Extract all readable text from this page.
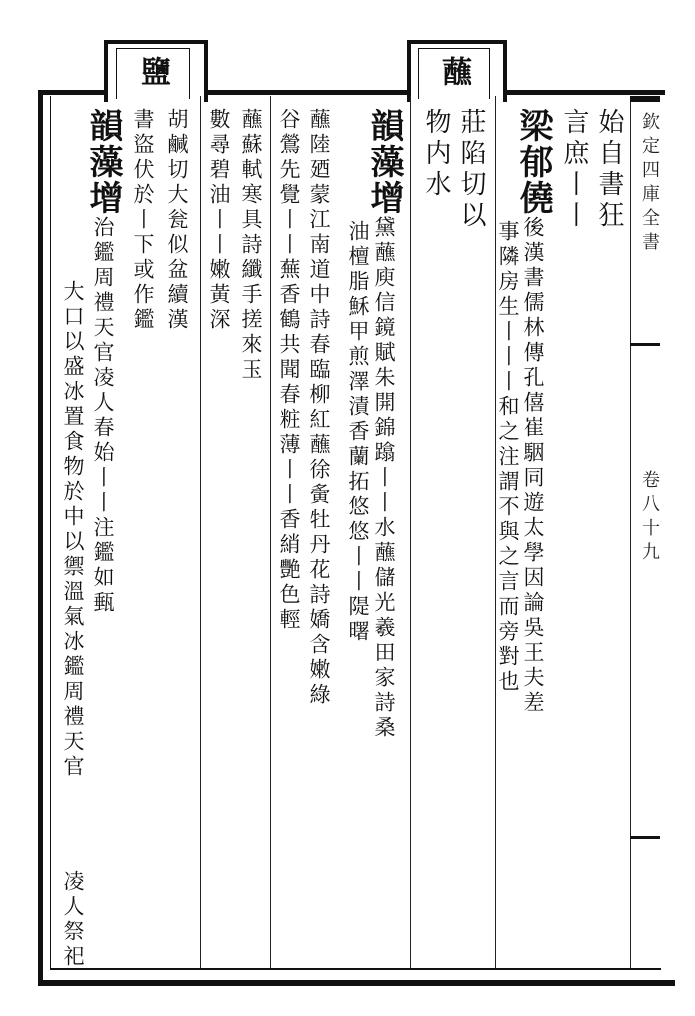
鹽	蘸
欽定四庫全書
卷八十九
始自書狂
言庶丨丨
梁郁僥後漢書儒林傳孔僖崔駰同遊太學因論吳王夫差
事隣房生丨丨丨和之注謂不與之言而旁對也
莊陷切以
物内水
韻藻增黛蘸庾信鏡賦朱開錦蹹丨丨水蘸儲光羲田家詩桑
油檀脂穌甲煎澤漬香蘭拓悠悠丨丨隄曙
蘸陸廼蒙江南道中詩春臨柳紅蘸徐夤牡丹花詩嬌含嫩綠
谷鶯先覺丨丨蕪香鶴共聞春粧薄丨丨香綃艷色輕
蘸蘇軾寒具詩纖手搓來玉
數尋碧油丨丨嫩黃深
胡鹹切大瓮似盆續漢
書盜伏於丨下或作鑑
韻藻增治鑑周禮天官凌人春始丨丨注鑑如甀
大口以盛冰置食物於中以禦溫氣冰鑑周禮天官
凌人祭祀
